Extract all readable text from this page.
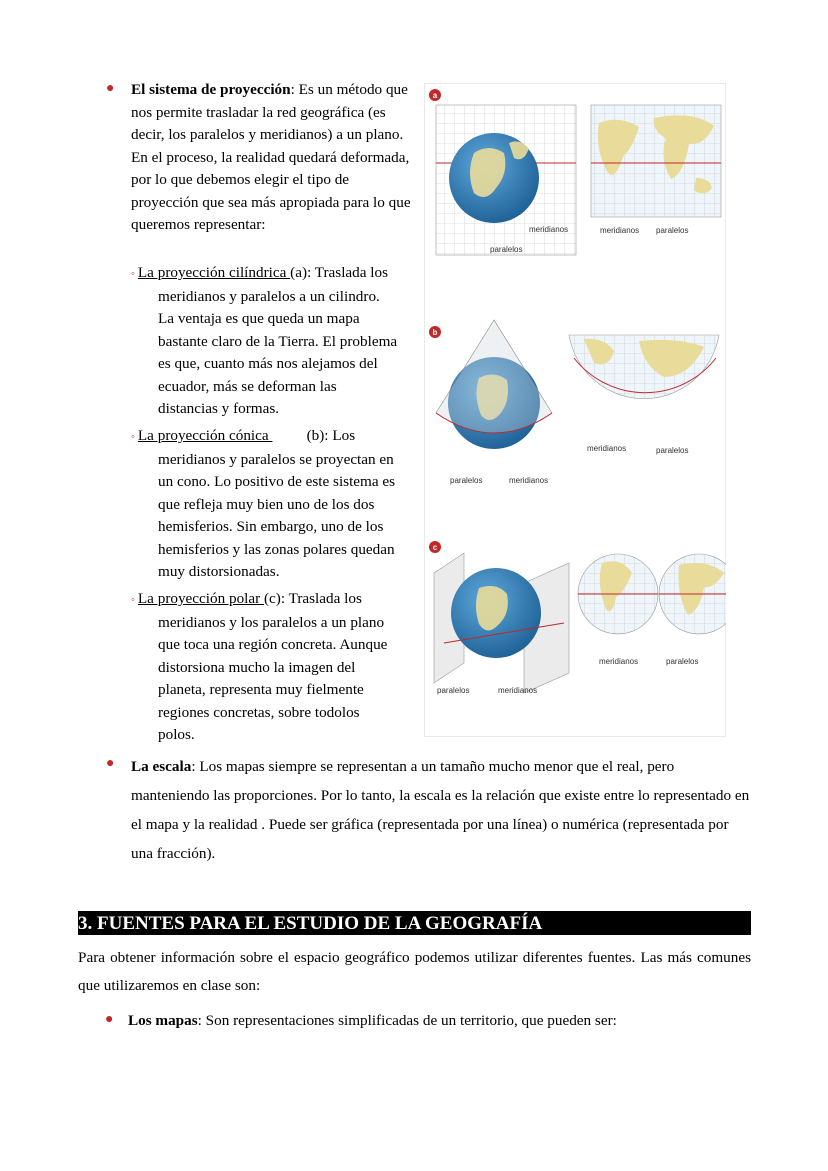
● El sistema de proyección: Es un método que nos permite trasladar la red geográfica (es decir, los paralelos y meridianos) a un plano. En el proceso, la realidad quedará deformada, por lo que debemos elegir el tipo de proyección que sea más apropiada para lo que queremos representar:
◦ La proyección cilíndrica (a): Traslada los meridianos y paralelos a un cilindro. La ventaja es que queda un mapa bastante claro de la Tierra. El problema es que, cuanto más nos alejamos del ecuador, más se deforman las distancias y formas.
◦ La proyección cónica          (b): Los meridianos y paralelos se proyectan en un cono. Lo positivo de este sistema es que refleja muy bien uno de los dos hemisferios. Sin embargo, uno de los hemisferios y las zonas polares quedan muy distorsionadas.
◦ La proyección polar (c): Traslada los meridianos y los paralelos a un plano que toca una región concreta. Aunque distorsiona mucho la imagen del planeta, representa muy fielmente regiones concretas, sobre todolos polos.
a
meridianos	meridianos paralelos
paralelos
b
meridianos	paralelos
paralelos	meridianos
c
meridianos	paralelos
paralelos	meridianos
● La escala: Los mapas siempre se representan a un tamaño mucho menor que el real, pero manteniendo las proporciones. Por lo tanto, la escala es la relación que existe entre lo representado en el mapa y la realidad . Puede ser gráfica (representada por una línea) o numérica (representada por una fracción).
3. FUENTES PARA EL ESTUDIO DE LA GEOGRAFÍA
Para obtener información sobre el espacio geográfico podemos utilizar diferentes fuentes. Las más comunes que utilizaremos en clase son:
● Los mapas: Son representaciones simplificadas de un territorio, que pueden ser:
